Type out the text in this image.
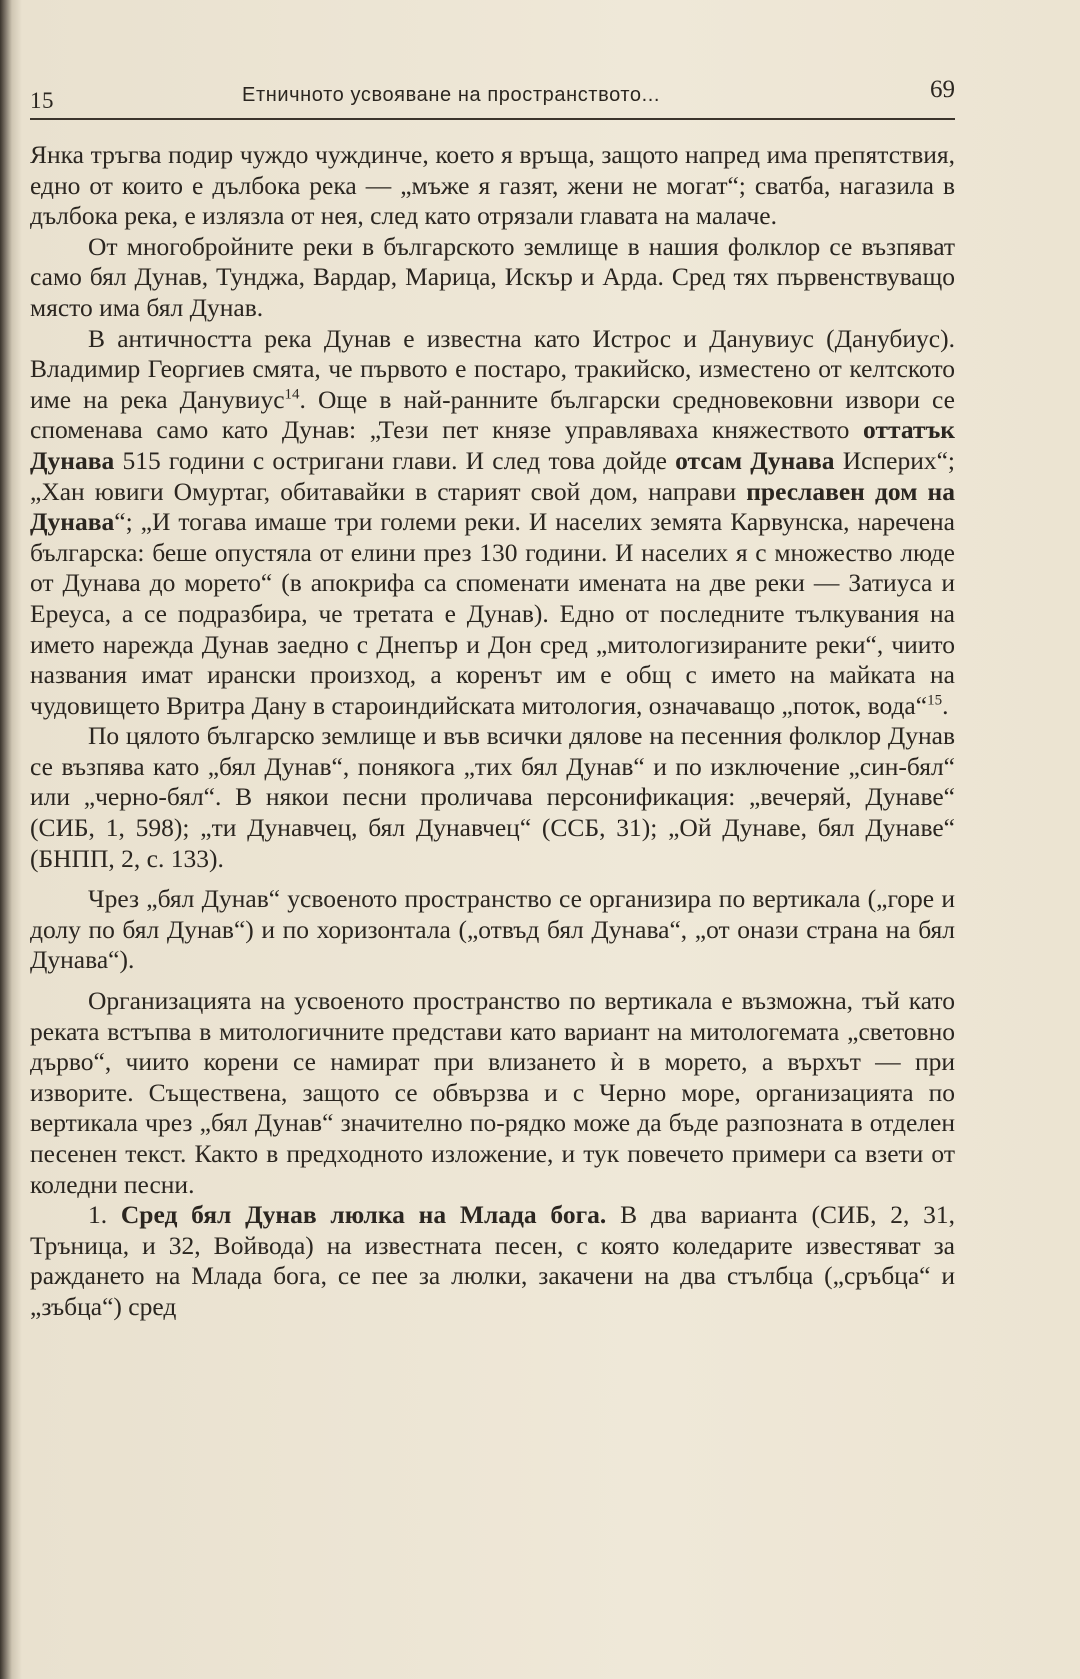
15	Етничното усвояване на пространството...	69

Янка тръгва подир чуждо чуждинче, което я връща, защото напред има препятствия, едно от които е дълбока река — „мъже я газят, жени не могат“; сватба, нагазила в дълбока река, е излязла от нея, след като отрязали главата на малаче.

От многобройните реки в българското землище в нашия фолклор се възпяват само бял Дунав, Тунджа, Вардар, Марица, Искър и Арда. Сред тях първенствуващо място има бял Дунав.

В античността река Дунав е известна като Истрос и Данувиус (Данубиус). Владимир Георгиев смята, че първото е постаро, тракийско, изместено от келтското име на река Данувиус$^{14}$. Още в най-ранните български средновековни извори се споменава само като Дунав: „Тези пет князе управляваха княжеството оттатък Дунава 515 години с остригани глави. И след това дойде отсам Дунава Исперих“; „Хан ювиги Омуртаг, обитавайки в старият свой дом, направи преславен дом на Дунава“; „И тогава имаше три големи реки. И населих земята Карвунска, наречена българска: беше опустяла от елини през 130 години. И населих я с множество люде от Дунава до морето“ (в апокрифа са споменати имената на две реки — Затиуса и Ереуса, а се подразбира, че третата е Дунав). Едно от последните тълкувания на името нарежда Дунав заедно с Днепър и Дон сред „митологизираните реки“, чиито названия имат ирански произход, а коренът им е общ с името на майката на чудовището Вритра Дану в староиндийската митология, означаващо „поток, вода“$^{15}$.

По цялото българско землище и във всички дялове на песенния фолклор Дунав се възпява като „бял Дунав“, понякога „тих бял Дунав“ и по изключение „син-бял“ или „черно-бял“. В някои песни проличава персонификация: „вечеряй, Дунаве“ (СИБ, 1, 598); „ти Дунавчец, бял Дунавчец“ (ССБ, 31); „Ой Дунаве, бял Дунаве“ (БНПП, 2, с. 133).

Чрез „бял Дунав“ усвоеното пространство се организира по вертикала („горе и долу по бял Дунав“) и по хоризонтала („отвъд бял Дунава“, „от онази страна на бял Дунава“).

Организацията на усвоеното пространство по вертикала е възможна, тъй като реката встъпва в митологичните представи като вариант на митологемата „световно дърво“, чиито корени се намират при влизането ѝ в морето, а върхът — при изворите. Съществена, защото се обвързва и с Черно море, организацията по вертикала чрез „бял Дунав“ значително по-рядко може да бъде разпозната в отделен песенен текст. Както в предходното изложение, и тук повечето примери са взети от коледни песни.

1. Сред бял Дунав люлка на Млада бога. В два варианта (СИБ, 2, 31, Тръница, и 32, Войвода) на известната песен, с която коледарите известяват за раждането на Млада бога, се пее за люлки, закачени на два стълбца („сръбца“ и „зъбца“) сред
